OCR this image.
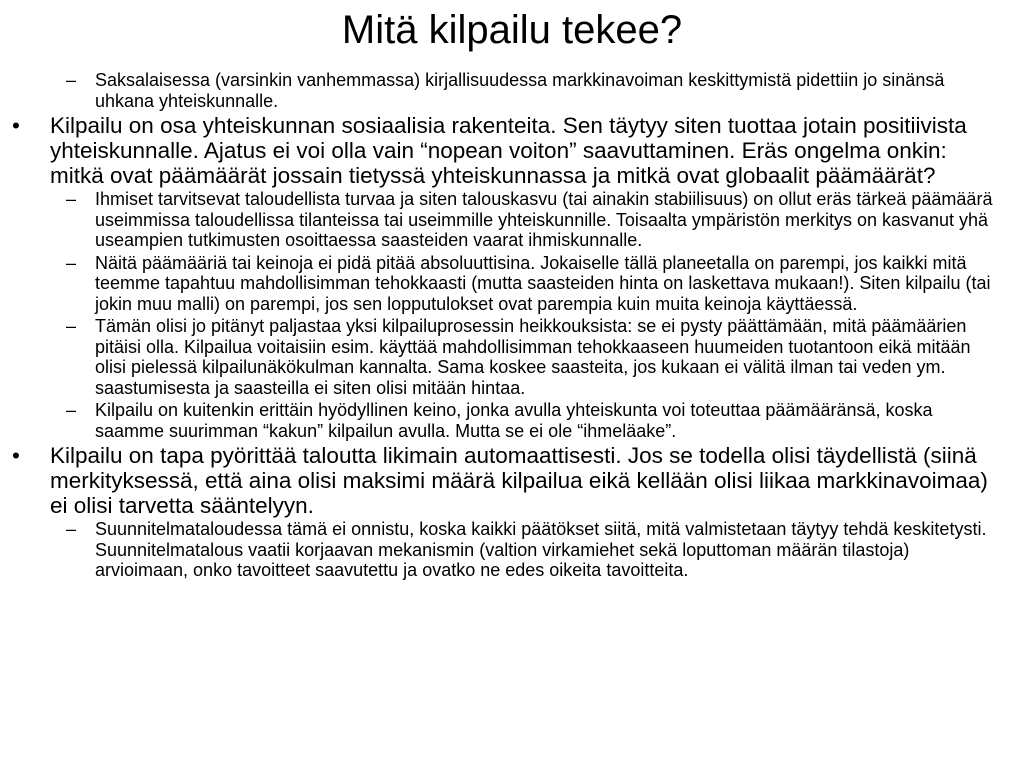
Mitä kilpailu tekee?
– Saksalaisessa (varsinkin vanhemmassa) kirjallisuudessa markkinavoiman keskittymistä pidettiin jo sinänsä uhkana yhteiskunnalle.
• Kilpailu on osa yhteiskunnan sosiaalisia rakenteita. Sen täytyy siten tuottaa jotain positiivista yhteiskunnalle. Ajatus ei voi olla vain “nopean voiton” saavuttaminen. Eräs ongelma onkin: mitkä ovat päämäärät jossain tietyssä yhteiskunnassa ja mitkä ovat globaalit päämäärät?
– Ihmiset tarvitsevat taloudellista turvaa ja siten talouskasvu (tai ainakin stabiilisuus) on ollut eräs tärkeä päämäärä useimmissa taloudellissa tilanteissa tai useimmille yhteiskunnille. Toisaalta ympäristön merkitys on kasvanut yhä useampien tutkimusten osoittaessa saasteiden vaarat ihmiskunnalle.
– Näitä päämääriä tai keinoja ei pidä pitää absoluuttisina. Jokaiselle tällä planeetalla on parempi, jos kaikki mitä teemme tapahtuu mahdollisimman tehokkaasti (mutta saasteiden hinta on laskettava mukaan!). Siten kilpailu (tai jokin muu malli) on parempi, jos sen lopputulokset ovat parempia kuin muita keinoja käyttäessä.
– Tämän olisi jo pitänyt paljastaa yksi kilpailuprosessin heikkouksista: se ei pysty päättämään, mitä päämäärien pitäisi olla. Kilpailua voitaisiin esim. käyttää mahdollisimman tehokkaaseen huumeiden tuotantoon eikä mitään olisi pielessä kilpailunäkökulman kannalta. Sama koskee saasteita, jos kukaan ei välitä ilman tai veden ym. saastumisesta ja saasteilla ei siten olisi mitään hintaa.
– Kilpailu on kuitenkin erittäin hyödyllinen keino, jonka avulla yhteiskunta voi toteuttaa päämääränsä, koska saamme suurimman “kakun” kilpailun avulla. Mutta se ei ole “ihmeläake”.
• Kilpailu on tapa pyörittää taloutta likimain automaattisesti. Jos se todella olisi täydellistä (siinä merkityksessä, että aina olisi maksimi määrä kilpailua eikä kellään olisi liikaa markkinavoimaa) ei olisi tarvetta sääntelyyn.
– Suunnitelmataloudessa tämä ei onnistu, koska kaikki päätökset siitä, mitä valmistetaan täytyy tehdä keskitetysti. Suunnitelmatalous vaatii korjaavan mekanismin (valtion virkamiehet sekä loputtoman määrän tilastoja) arvioimaan, onko tavoitteet saavutettu ja ovatko ne edes oikeita tavoitteita.
